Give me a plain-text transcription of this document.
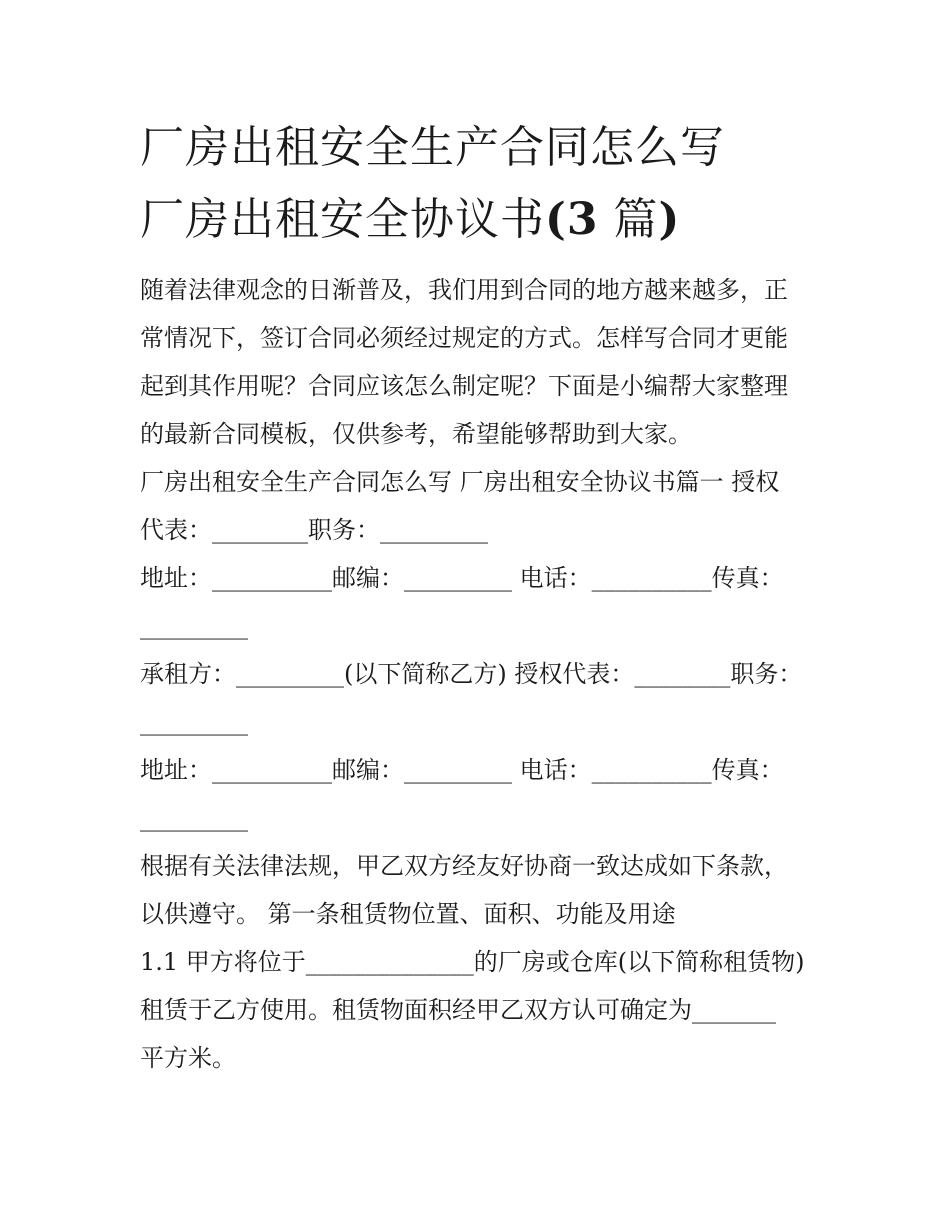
厂房出租安全生产合同怎么写
厂房出租安全协议书(3 篇)

随着法律观念的日渐普及，我们用到合同的地方越来越多，正
常情况下，签订合同必须经过规定的方式。怎样写合同才更能
起到其作用呢？合同应该怎么制定呢？下面是小编帮大家整理
的最新合同模板，仅供参考，希望能够帮助到大家。

厂房出租安全生产合同怎么写 厂房出租安全协议书篇一 授权
代表：________职务：_________

地址：__________邮编：_________ 电话：__________传真：
_________

承租方：_________(以下简称乙方) 授权代表：________职务：
_________

地址：__________邮编：_________ 电话：__________传真：
_________

根据有关法律法规，甲乙双方经友好协商一致达成如下条款，
以供遵守。 第一条租赁物位置、面积、功能及用途

1.1 甲方将位于______________的厂房或仓库(以下简称租赁物)
租赁于乙方使用。租赁物面积经甲乙双方认可确定为_______
平方米。
